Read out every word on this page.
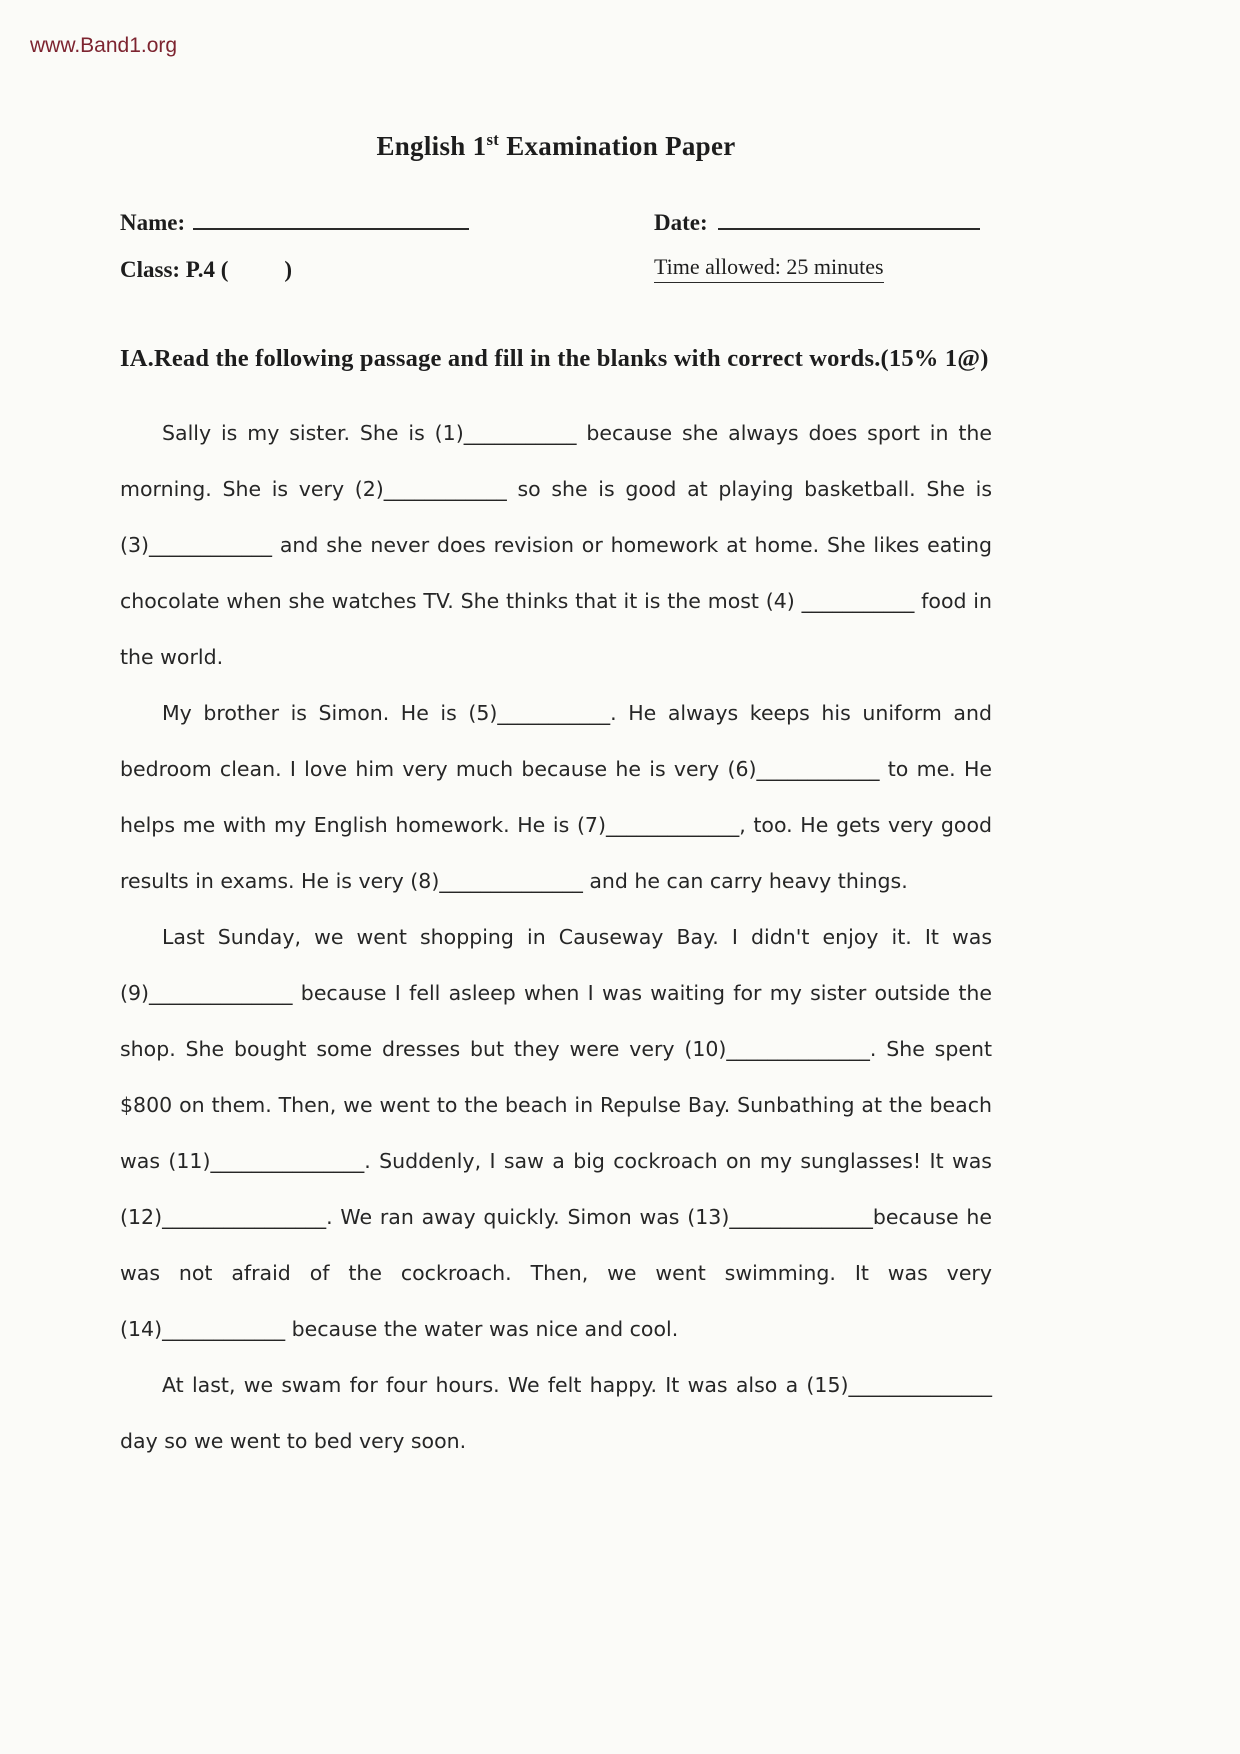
www.Band1.org
English 1st Examination Paper
Name:	Date:
Class: P.4 ( )	Time allowed: 25 minutes
IA.Read the following passage and fill in the blanks with correct words.(15% 1@)

Sally is my sister. She is (1)___________ because she always does sport in the morning. She is very (2)____________ so she is good at playing basketball. She is (3)____________ and she never does revision or homework at home. She likes eating chocolate when she watches TV. She thinks that it is the most (4) ___________ food in the world.

My brother is Simon. He is (5)___________. He always keeps his uniform and bedroom clean. I love him very much because he is very (6)____________ to me. He helps me with my English homework. He is (7)_____________, too. He gets very good results in exams. He is very (8)______________ and he can carry heavy things.

Last Sunday, we went shopping in Causeway Bay. I didn't enjoy it. It was (9)______________ because I fell asleep when I was waiting for my sister outside the shop. She bought some dresses but they were very (10)______________. She spent $800 on them. Then, we went to the beach in Repulse Bay. Sunbathing at the beach was (11)_______________. Suddenly, I saw a big cockroach on my sunglasses! It was (12)________________. We ran away quickly. Simon was (13)______________because he was not afraid of the cockroach. Then, we went swimming. It was very (14)____________ because the water was nice and cool.

At last, we swam for four hours. We felt happy. It was also a (15)______________ day so we went to bed very soon.
